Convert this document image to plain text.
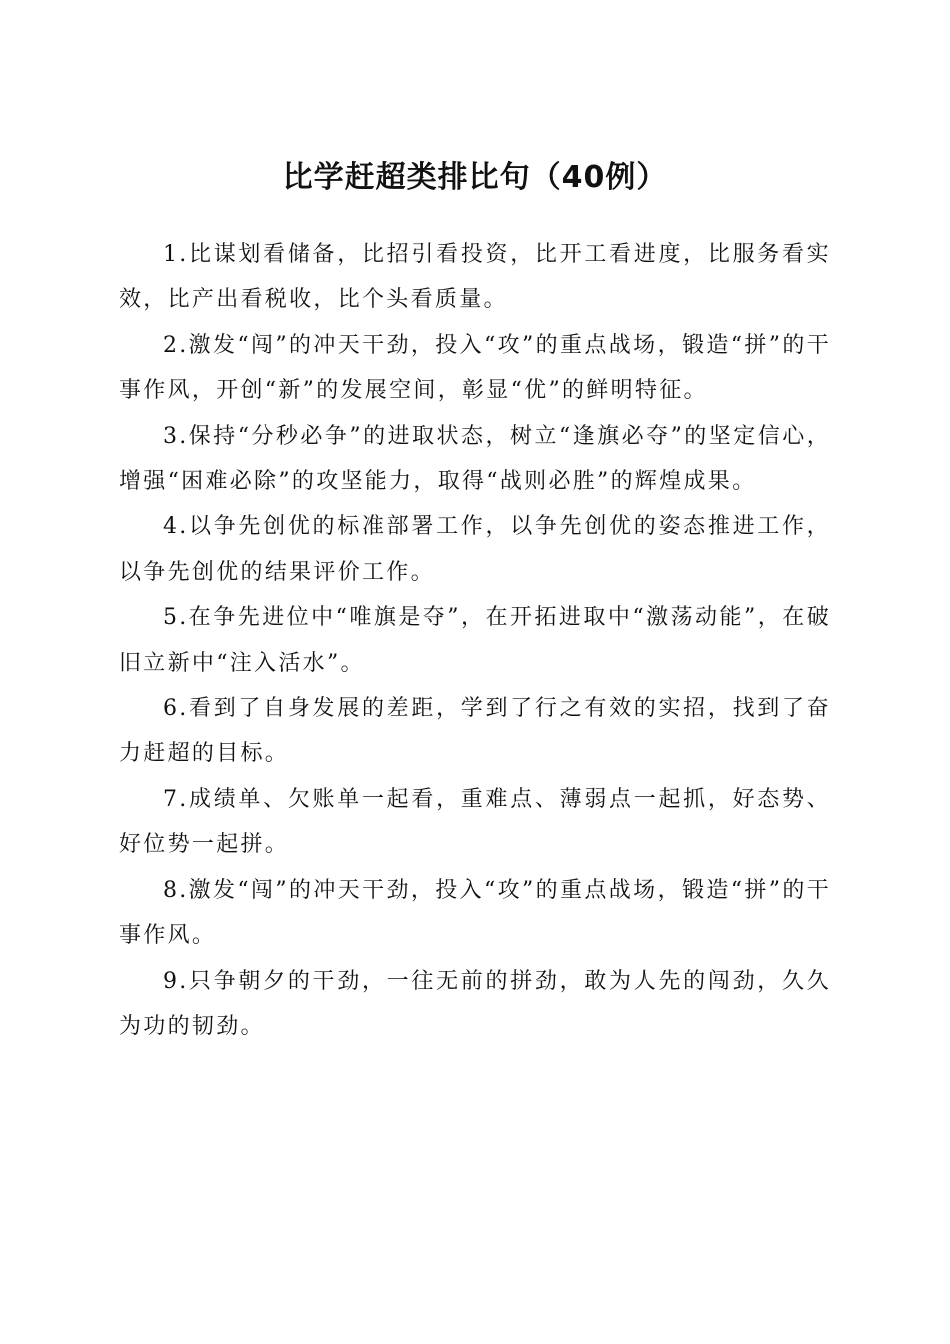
比学赶超类排比句（40例）

1.比谋划看储备，比招引看投资，比开工看进度，比服务看实效，比产出看税收，比个头看质量。

2.激发“闯”的冲天干劲，投入“攻”的重点战场，锻造“拼”的干事作风，开创“新”的发展空间，彰显“优”的鲜明特征。

3.保持“分秒必争”的进取状态，树立“逢旗必夺”的坚定信心，增强“困难必除”的攻坚能力，取得“战则必胜”的辉煌成果。

4.以争先创优的标准部署工作，以争先创优的姿态推进工作，以争先创优的结果评价工作。

5.在争先进位中“唯旗是夺”，在开拓进取中“激荡动能”，在破旧立新中“注入活水”。

6.看到了自身发展的差距，学到了行之有效的实招，找到了奋力赶超的目标。

7.成绩单、欠账单一起看，重难点、薄弱点一起抓，好态势、好位势一起拼。

8.激发“闯”的冲天干劲，投入“攻”的重点战场，锻造“拼”的干事作风。

9.只争朝夕的干劲，一往无前的拼劲，敢为人先的闯劲，久久为功的韧劲。
